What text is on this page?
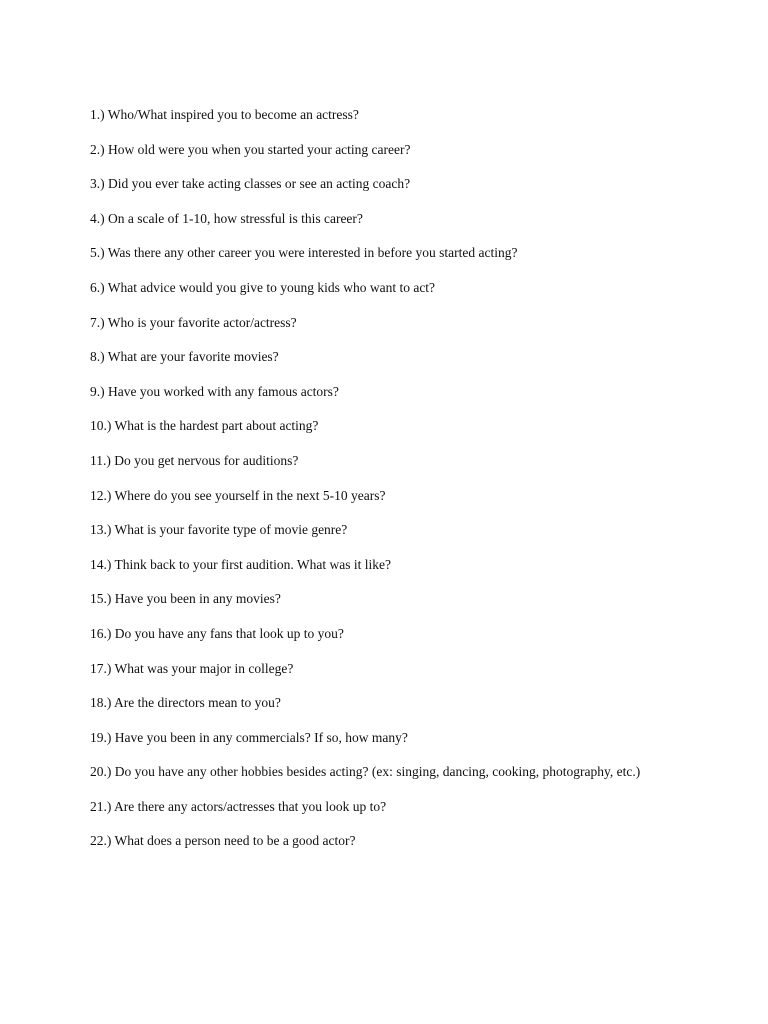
1.) Who/What inspired you to become an actress?
2.) How old were you when you started your acting career?
3.) Did you ever take acting classes or see an acting coach?
4.) On a scale of 1-10, how stressful is this career?
5.) Was there any other career you were interested in before you started acting?
6.) What advice would you give to young kids who want to act?
7.) Who is your favorite actor/actress?
8.) What are your favorite movies?
9.) Have you worked with any famous actors?
10.) What is the hardest part about acting?
11.) Do you get nervous for auditions?
12.) Where do you see yourself in the next 5-10 years?
13.) What is your favorite type of movie genre?
14.) Think back to your first audition. What was it like?
15.) Have you been in any movies?
16.) Do you have any fans that look up to you?
17.) What was your major in college?
18.) Are the directors mean to you?
19.) Have you been in any commercials? If so, how many?
20.) Do you have any other hobbies besides acting? (ex: singing, dancing, cooking, photography, etc.)
21.) Are there any actors/actresses that you look up to?
22.) What does a person need to be a good actor?
